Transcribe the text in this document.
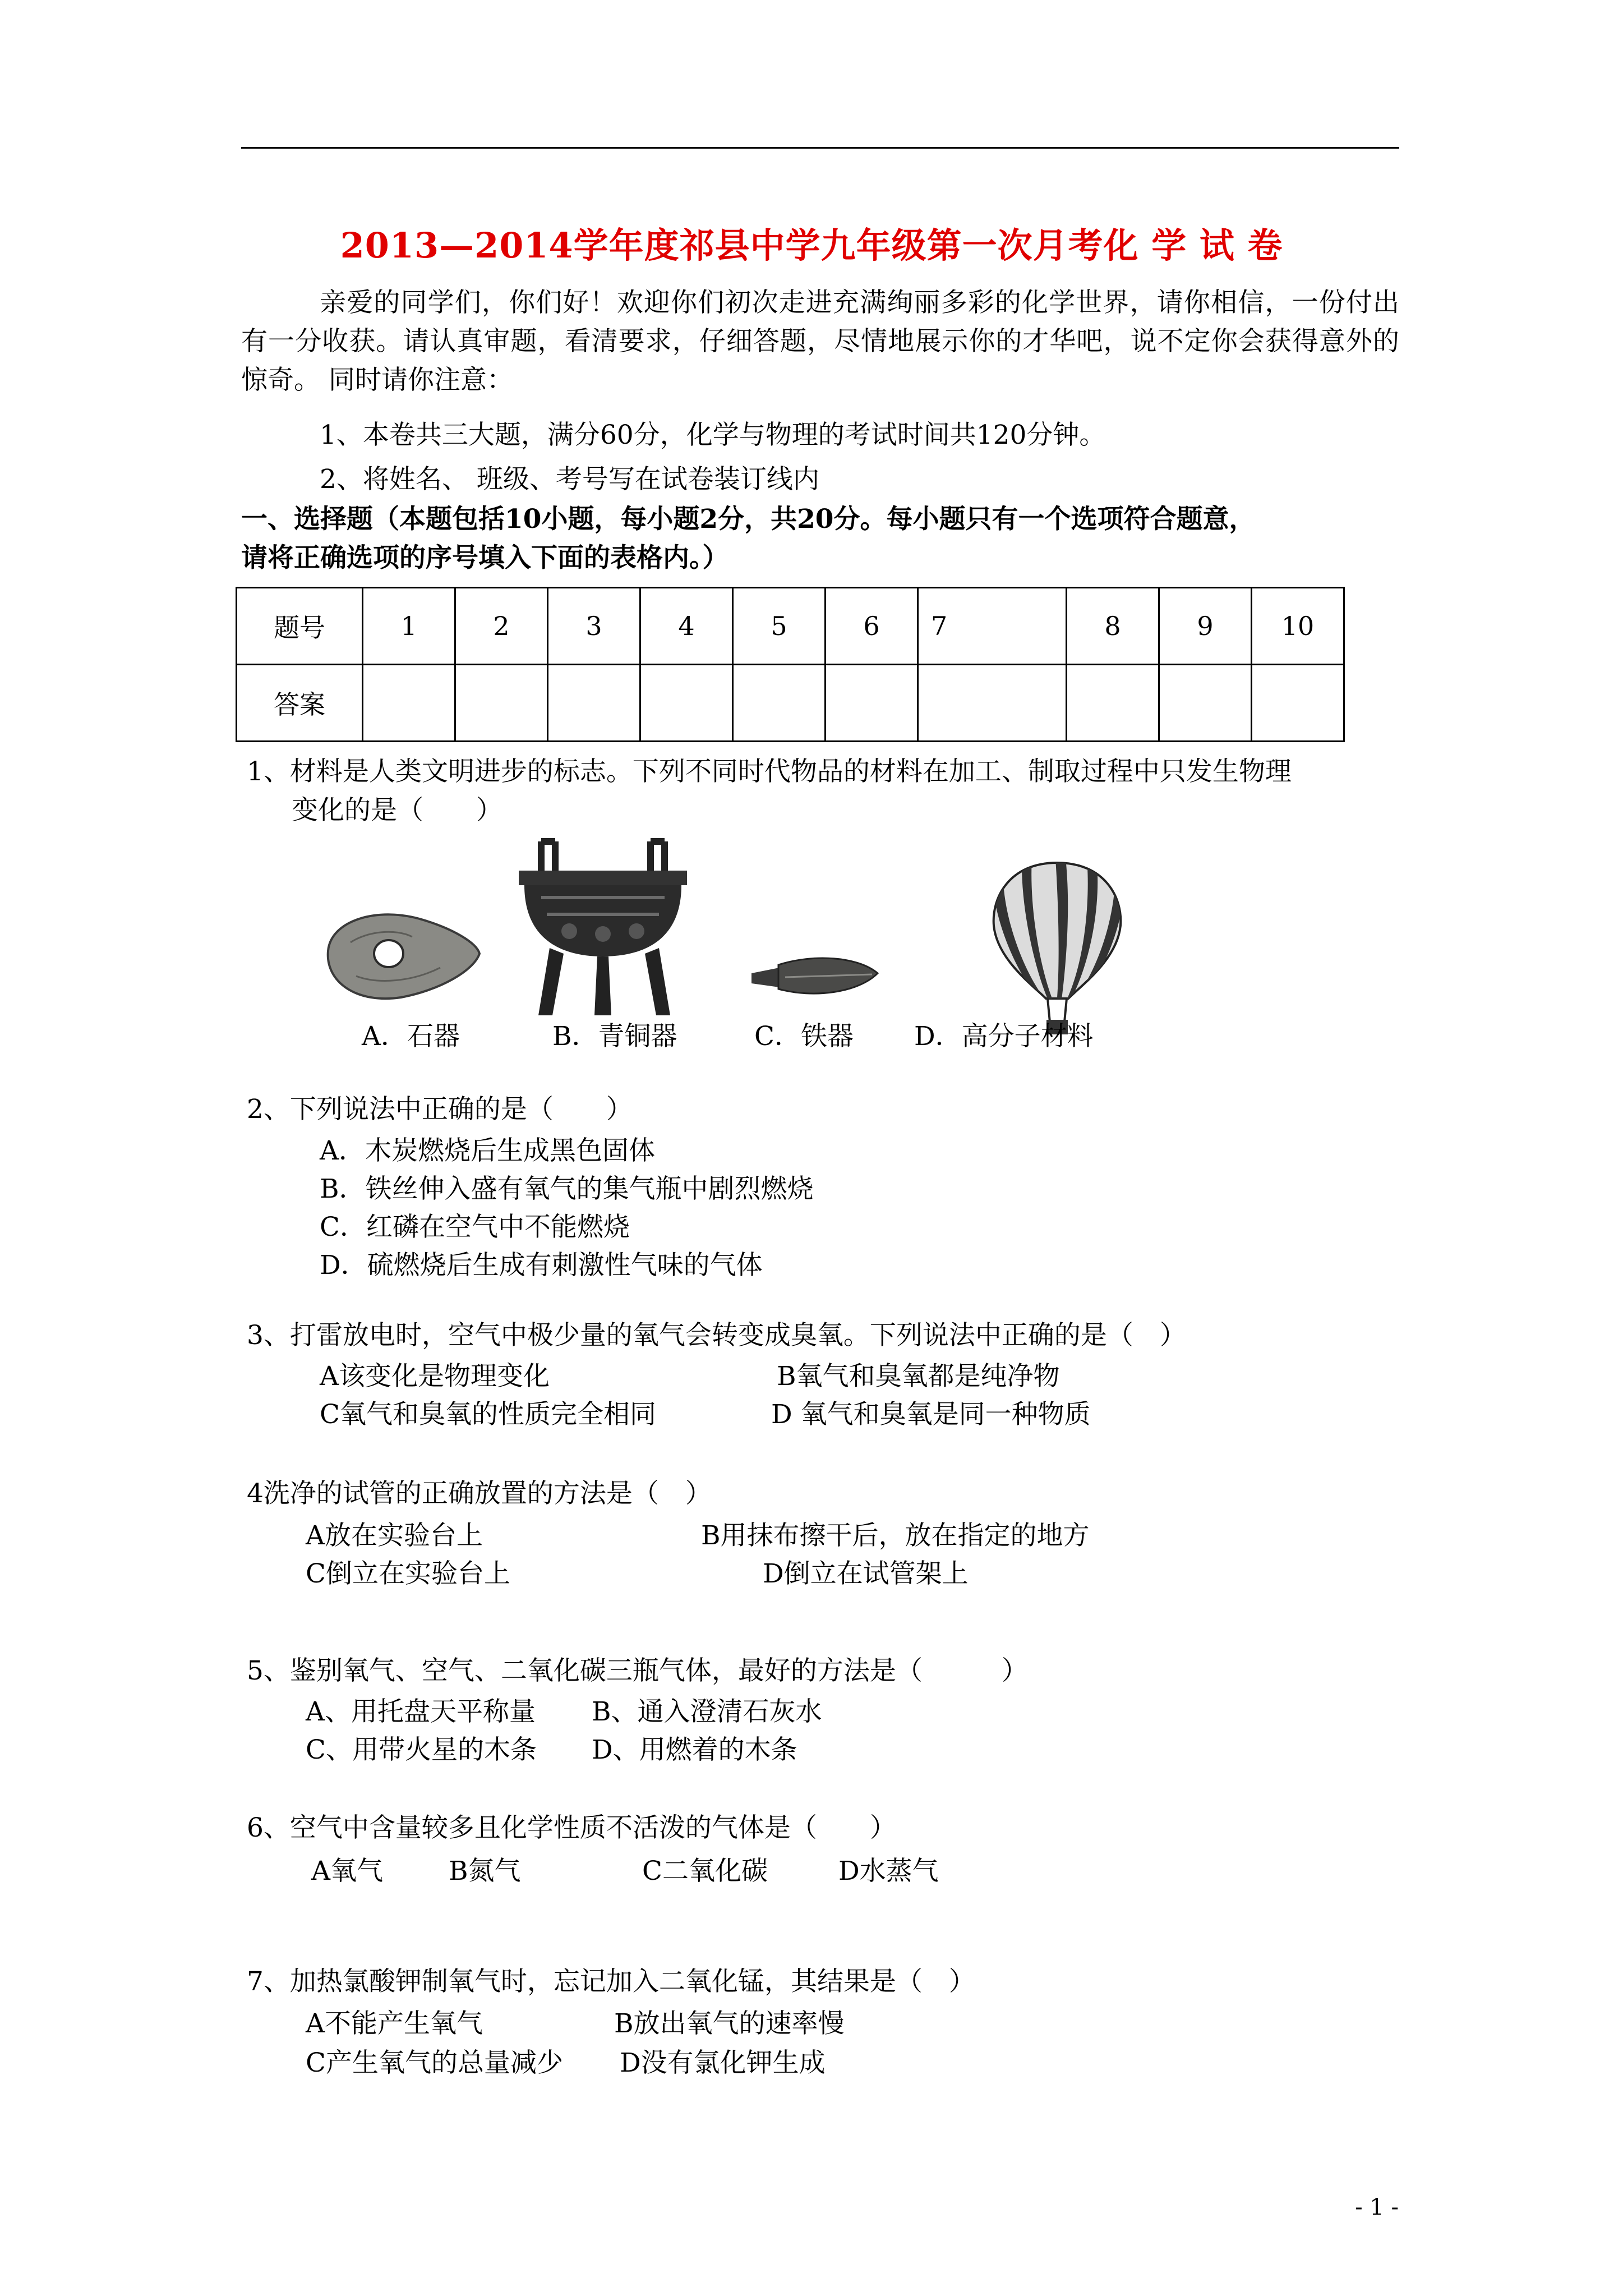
2013—2014学年度祁县中学九年级第一次月考化 学 试 卷
亲爱的同学们，你们好！欢迎你们初次走进充满绚丽多彩的化学世界，请你相信，一份付出有一分收获。请认真审题，看清要求，仔细答题，尽情地展示你的才华吧，说不定你会获得意外的惊奇。 同时请你注意：
1、本卷共三大题，满分60分，化学与物理的考试时间共120分钟。
2、将姓名、 班级、考号写在试卷装订线内
一、选择题（本题包括10小题，每小题2分，共20分。每小题只有一个选项符合题意，
请将正确选项的序号填入下面的表格内。）
题号	1	2	3	4	5	6	7	8	9	10
答案										
1、材料是人类文明进步的标志。下列不同时代物品的材料在加工、制取过程中只发生物理
变化的是（　　）
A．石器	B．青铜器	C．铁器 D．高分子材料
2、下列说法中正确的是（　　）
A．木炭燃烧后生成黑色固体
B．铁丝伸入盛有氧气的集气瓶中剧烈燃烧
C．红磷在空气中不能燃烧
D．硫燃烧后生成有刺激性气味的气体
3、打雷放电时，空气中极少量的氧气会转变成臭氧。下列说法中正确的是（　）
A该变化是物理变化	B氧气和臭氧都是纯净物
C氧气和臭氧的性质完全相同	D 氧气和臭氧是同一种物质
4洗净的试管的正确放置的方法是（　）
A放在实验台上	B用抹布擦干后，放在指定的地方
C倒立在实验台上	D倒立在试管架上
5、鉴别氧气、空气、二氧化碳三瓶气体，最好的方法是（　　　）
A、用托盘天平称量 B、通入澄清石灰水
C、用带火星的木条 D、用燃着的木条
6、空气中含量较多且化学性质不活泼的气体是（　　）
A氧气 B氮气	C二氧化碳	D水蒸气
7、加热氯酸钾制氧气时，忘记加入二氧化锰，其结果是（　）
A不能产生氧气	B放出氧气的速率慢
C产生氧气的总量减少 D没有氯化钾生成
- 1 -
